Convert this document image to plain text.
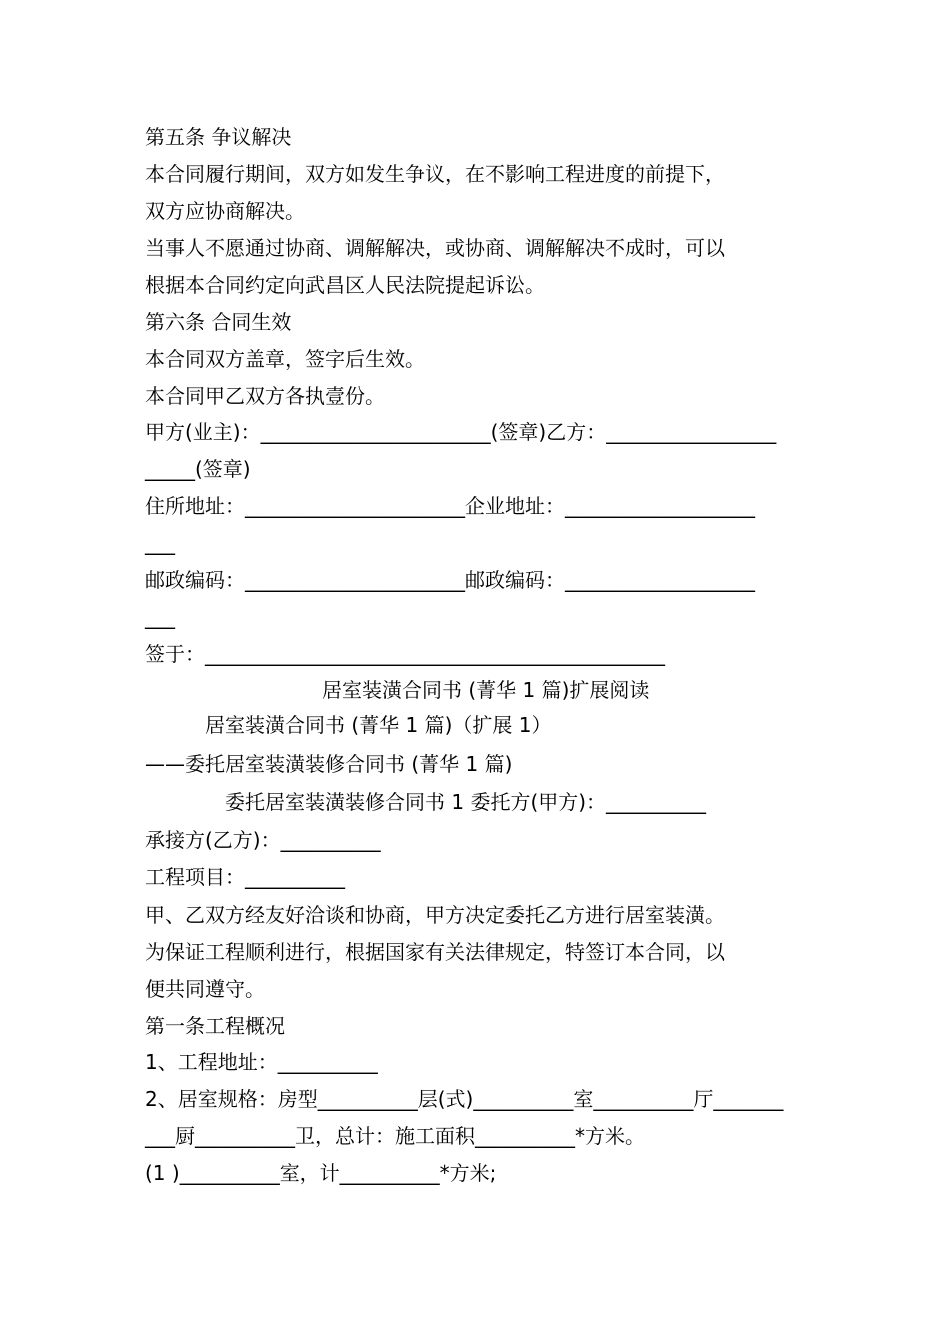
第五条 争议解决
本合同履行期间，双方如发生争议，在不影响工程进度的前提下，
双方应协商解决。
当事人不愿通过协商、调解解决，或协商、调解解决不成时，可以
根据本合同约定向武昌区人民法院提起诉讼。
第六条 合同生效
本合同双方盖章，签字后生效。
本合同甲乙双方各执壹份。
甲方(业主)：_______________________(签章)乙方：_________________
_____(签章)
住所地址：______________________企业地址：___________________
___
邮政编码：______________________邮政编码：___________________
___
签于：______________________________________________
居室装潢合同书 (菁华 1 篇)扩展阅读
居室装潢合同书 (菁华 1 篇)（扩展 1）
——委托居室装潢装修合同书 (菁华 1 篇)
委托居室装潢装修合同书 1 委托方(甲方)：__________
承接方(乙方)：__________
工程项目：__________
甲、乙双方经友好洽谈和协商，甲方决定委托乙方进行居室装潢。
为保证工程顺利进行，根据国家有关法律规定，特签订本合同，以
便共同遵守。
第一条工程概况
1、工程地址：__________
2、居室规格：房型__________层(式)__________室__________厅_______
___厨__________卫，总计：施工面积__________*方米。
(1 )__________室，计__________*方米;
